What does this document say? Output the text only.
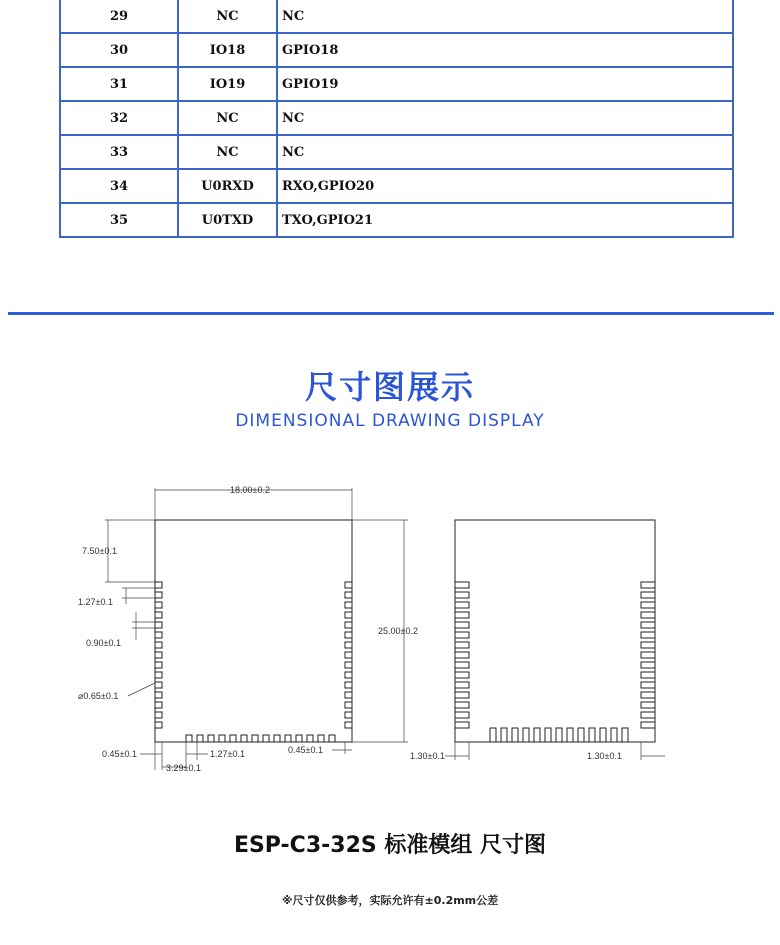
29	NC	NC
30	IO18	GPIO18
31	IO19	GPIO19
32	NC	NC
33	NC	NC
34	U0RXD	RXO,GPIO20
35	U0TXD	TXO,GPIO21
尺寸图展示
DIMENSIONAL DRAWING DISPLAY
18.00±0.2
25.00±0.2
7.50±0.1
1.27±0.1
0.90±0.1
⌀0.65±0.1
0.45±0.1	1.27±0.1	0.45±0.1
3.29±0.1
1.30±0.1	1.30±0.1
ESP-C3-32S 标准模组 尺寸图
※尺寸仅供参考，实际允许有±0.2mm公差
